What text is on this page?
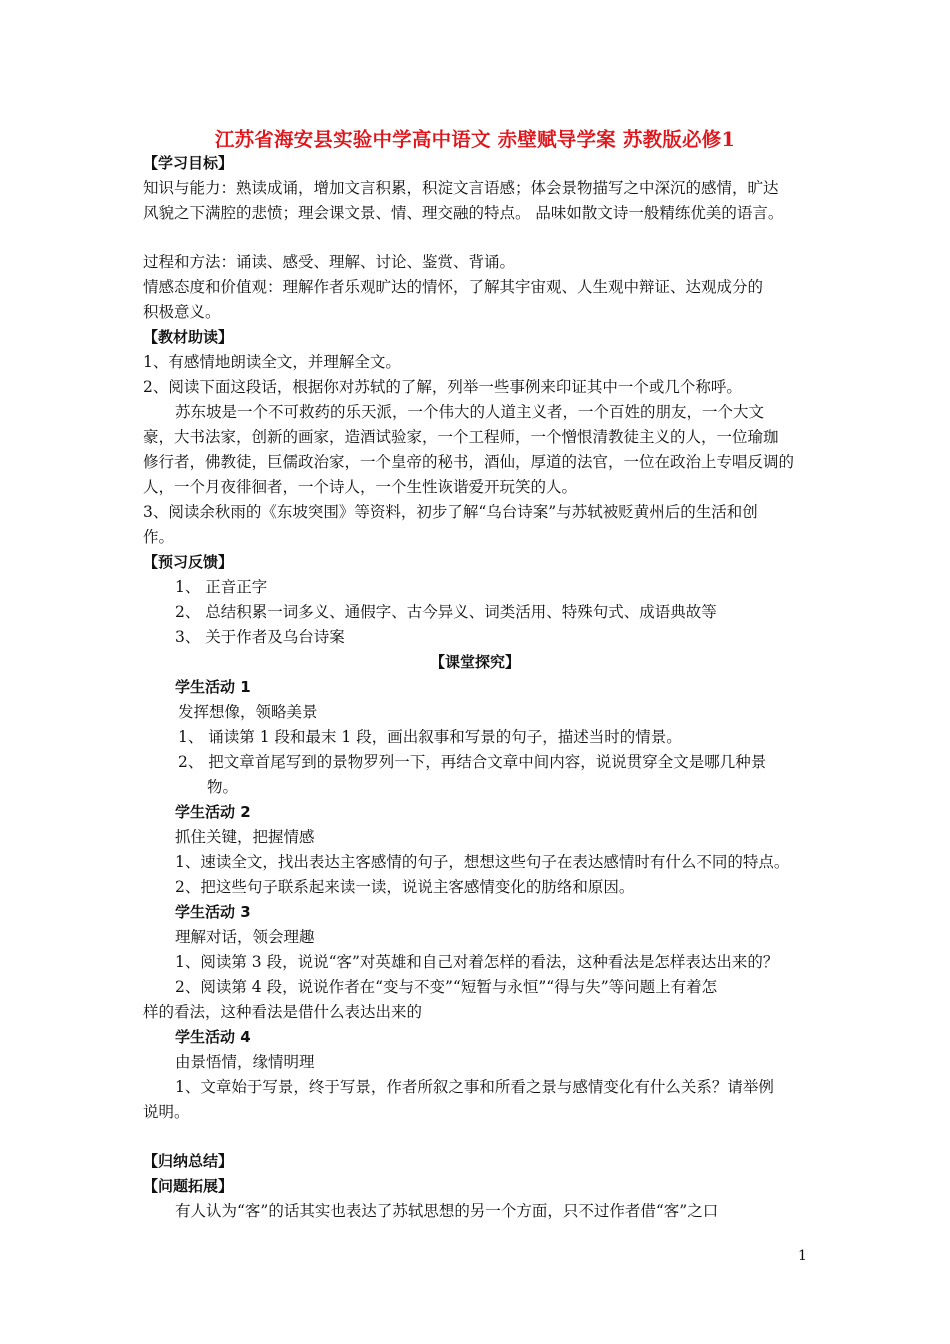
江苏省海安县实验中学高中语文 赤壁赋导学案 苏教版必修1
【学习目标】
知识与能力：熟读成诵，增加文言积累，积淀文言语感；体会景物描写之中深沉的感情，旷达
风貌之下满腔的悲愤；理会课文景、情、理交融的特点。 品味如散文诗一般精练优美的语言。
过程和方法：诵读、感受、理解、讨论、鉴赏、背诵。
情感态度和价值观：理解作者乐观旷达的情怀，了解其宇宙观、人生观中辩证、达观成分的
积极意义。
【教材助读】
1、有感情地朗读全文，并理解全文。
2、阅读下面这段话，根据你对苏轼的了解，列举一些事例来印证其中一个或几个称呼。
苏东坡是一个不可救药的乐天派，一个伟大的人道主义者，一个百姓的朋友，一个大文
豪，大书法家，创新的画家，造酒试验家，一个工程师，一个憎恨清教徒主义的人，一位瑜珈
修行者，佛教徒，巨儒政治家，一个皇帝的秘书，酒仙，厚道的法官，一位在政治上专唱反调的
人，一个月夜徘徊者，一个诗人，一个生性诙谐爱开玩笑的人。
3、阅读余秋雨的《东坡突围》等资料，初步了解“乌台诗案”与苏轼被贬黄州后的生活和创
作。
【预习反馈】
1、 正音正字
2、 总结积累一词多义、通假字、古今异义、词类活用、特殊句式、成语典故等
3、 关于作者及乌台诗案
【课堂探究】
学生活动 1
发挥想像，领略美景
1、 诵读第 1 段和最末 1 段，画出叙事和写景的句子，描述当时的情景。
2、 把文章首尾写到的景物罗列一下，再结合文章中间内容，说说贯穿全文是哪几种景
物。
学生活动 2
抓住关键，把握情感
1、速读全文，找出表达主客感情的句子，想想这些句子在表达感情时有什么不同的特点。
2、把这些句子联系起来读一读，说说主客感情变化的肪络和原因。
学生活动 3
理解对话，领会理趣
1、阅读第 3 段，说说“客”对英雄和自己对着怎样的看法，这种看法是怎样表达出来的？
2、阅读第 4 段，说说作者在“变与不变”“短暂与永恒”“得与失”等问题上有着怎
样的看法，这种看法是借什么表达出来的
学生活动 4
由景悟情，缘情明理
1、文章始于写景，终于写景，作者所叙之事和所看之景与感情变化有什么关系？请举例
说明。
【归纳总结】
【问题拓展】
有人认为“客”的话其实也表达了苏轼思想的另一个方面，只不过作者借“客”之口
1
